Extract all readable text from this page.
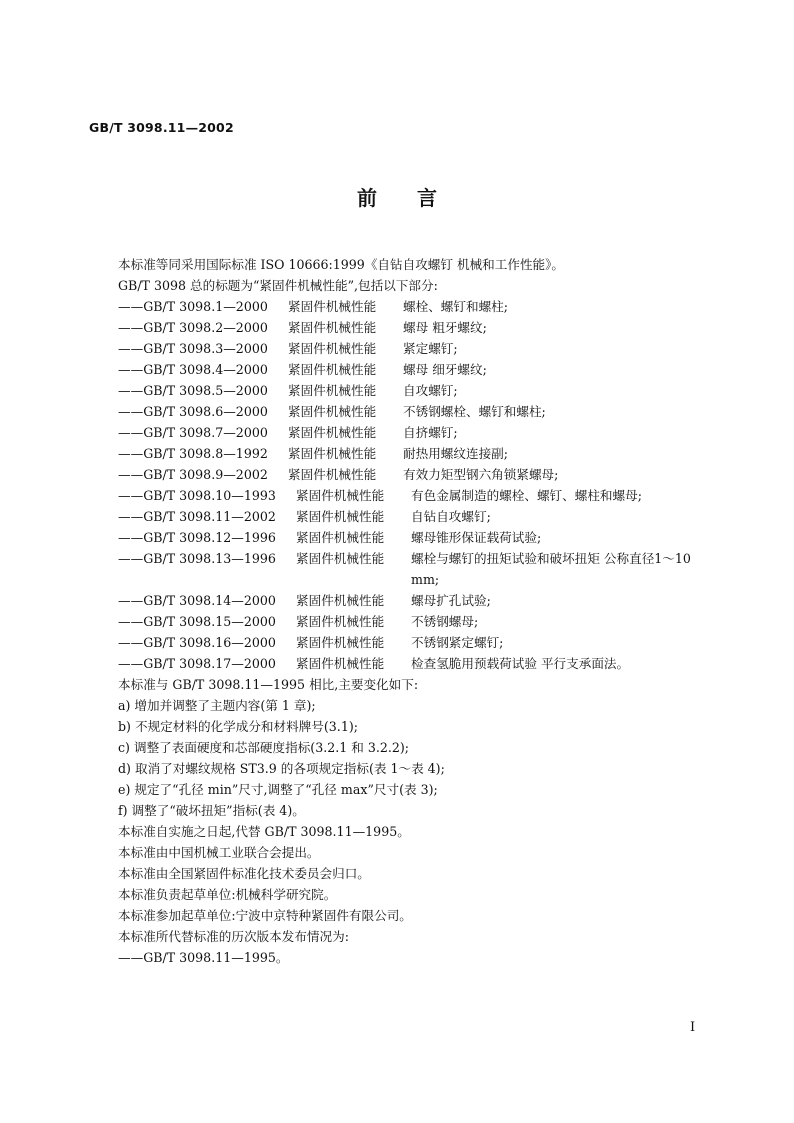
GB/T 3098.11—2002
前 言
本标准等同采用国际标准 ISO 10666:1999《自钻自攻螺钉 机械和工作性能》。
GB/T 3098 总的标题为“紧固件机械性能”,包括以下部分:
——GB/T 3098.1—2000	紧固件机械性能	螺栓、螺钉和螺柱;
——GB/T 3098.2—2000	紧固件机械性能	螺母 粗牙螺纹;
——GB/T 3098.3—2000	紧固件机械性能	紧定螺钉;
——GB/T 3098.4—2000	紧固件机械性能	螺母 细牙螺纹;
——GB/T 3098.5—2000	紧固件机械性能	自攻螺钉;
——GB/T 3098.6—2000	紧固件机械性能	不锈钢螺栓、螺钉和螺柱;
——GB/T 3098.7—2000	紧固件机械性能	自挤螺钉;
——GB/T 3098.8—1992	紧固件机械性能	耐热用螺纹连接副;
——GB/T 3098.9—2002	紧固件机械性能	有效力矩型钢六角锁紧螺母;
——GB/T 3098.10—1993	紧固件机械性能	有色金属制造的螺栓、螺钉、螺柱和螺母;
——GB/T 3098.11—2002	紧固件机械性能	自钻自攻螺钉;
——GB/T 3098.12—1996	紧固件机械性能	螺母锥形保证载荷试验;
——GB/T 3098.13—1996	紧固件机械性能	螺栓与螺钉的扭矩试验和破坏扭矩 公称直径1～10 mm;
——GB/T 3098.14—2000	紧固件机械性能	螺母扩孔试验;
——GB/T 3098.15—2000	紧固件机械性能	不锈钢螺母;
——GB/T 3098.16—2000	紧固件机械性能	不锈钢紧定螺钉;
——GB/T 3098.17—2000	紧固件机械性能	检查氢脆用预载荷试验 平行支承面法。
本标准与 GB/T 3098.11—1995 相比,主要变化如下:
a) 增加并调整了主题内容(第 1 章);
b) 不规定材料的化学成分和材料牌号(3.1);
c) 调整了表面硬度和芯部硬度指标(3.2.1 和 3.2.2);
d) 取消了对螺纹规格 ST3.9 的各项规定指标(表 1～表 4);
e) 规定了“孔径 min”尺寸,调整了“孔径 max”尺寸(表 3);
f) 调整了“破坏扭矩”指标(表 4)。
本标准自实施之日起,代替 GB/T 3098.11—1995。
本标准由中国机械工业联合会提出。
本标准由全国紧固件标准化技术委员会归口。
本标准负责起草单位:机械科学研究院。
本标准参加起草单位:宁波中京特种紧固件有限公司。
本标准所代替标准的历次版本发布情况为:
——GB/T 3098.11—1995。
I
